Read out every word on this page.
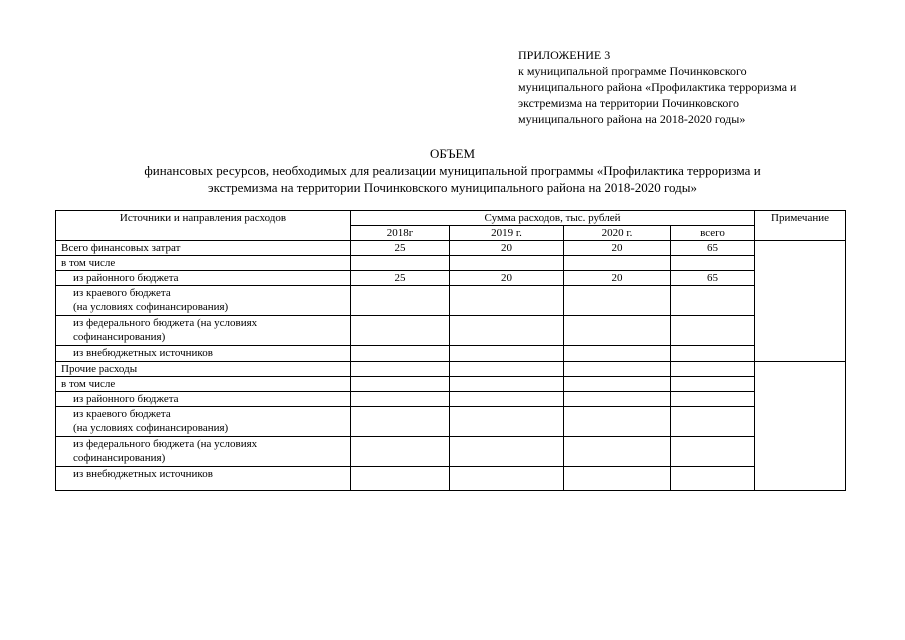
ПРИЛОЖЕНИЕ 3
к муниципальной программе Починковского
муниципального района «Профилактика терроризма и
экстремизма на территории Починковского
муниципального района на 2018-2020 годы»
ОБЪЕМ
финансовых ресурсов, необходимых для реализации муниципальной программы «Профилактика терроризма и
экстремизма на территории Починковского муниципального района на 2018-2020 годы»
Источники и направления расходов	Сумма расходов, тыс. рублей				Примечание
	2018г	2019 г.	2020 г.	всего	

Всего финансовых затрат	25	20	20	65	

в том числе					

из районного бюджета	25	20	20	65	

из краевого бюджета
(на условиях софинансирования)					

из федерального бюджета (на условиях
софинансирования)					

из внебюджетных источников					

Прочие расходы					

в том числе					

из районного бюджета					

из краевого бюджета
(на условиях софинансирования)					

из федерального бюджета (на условиях
софинансирования)					

из внебюджетных источников					
